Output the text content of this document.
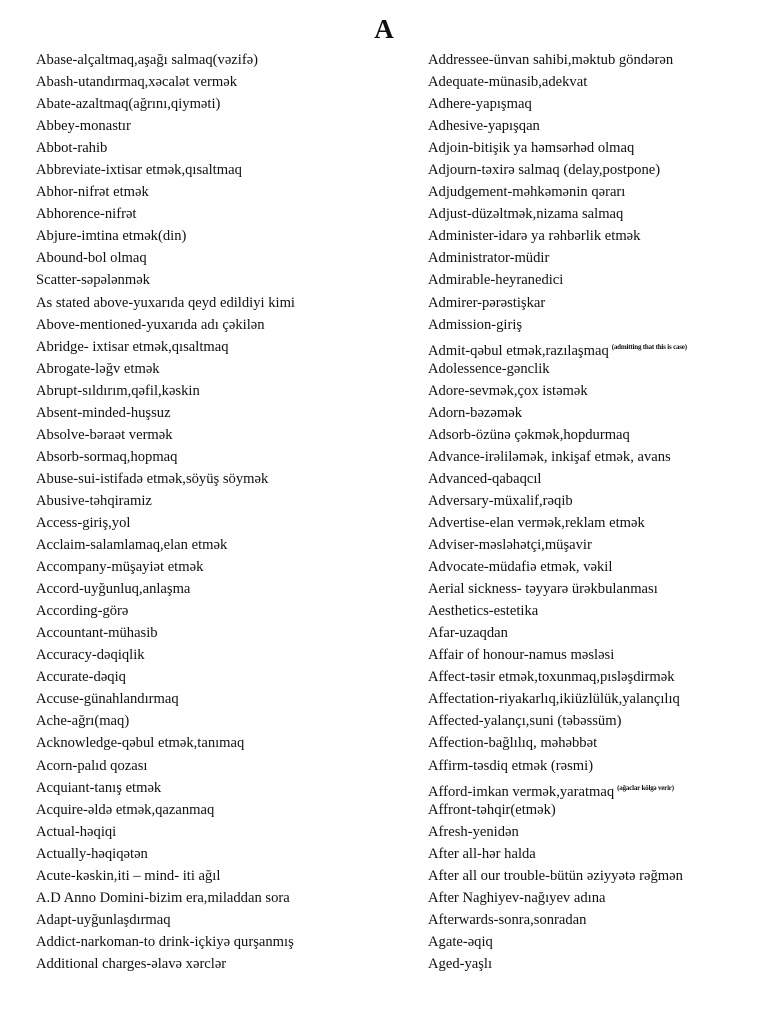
A
Abase-alçaltmaq,aşağı salmaq(vəzifə)
Abash-utandırmaq,xəcalət vermək
Abate-azaltmaq(ağrını,qiyməti)
Abbey-monastır
Abbot-rahib
Abbreviate-ixtisar etmək,qısaltmaq
Abhor-nifrət etmək
Abhorence-nifrət
Abjure-imtina etmək(din)
Abound-bol olmaq
Scatter-səpələnmək
As stated above-yuxarıda qeyd edildiyi kimi
Above-mentioned-yuxarıda adı çəkilən
Abridge- ixtisar etmək,qısaltmaq
Abrogate-ləğv etmək
Abrupt-sıldırım,qəfil,kəskin
Absent-minded-huşsuz
Absolve-bəraət vermək
Absorb-sormaq,hopmaq
Abuse-sui-istifadə etmək,söyüş söymək
Abusive-təhqiramiz
Access-giriş,yol
Acclaim-salamlamaq,elan etmək
Accompany-müşayiət etmək
Accord-uyğunluq,anlaşma
According-görə
Accountant-mühasib
Accuracy-dəqiqlik
Accurate-dəqiq
Accuse-günahlandırmaq
Ache-ağrı(maq)
Acknowledge-qəbul etmək,tanımaq
Acorn-palıd qozası
Acquiant-tanış etmək
Acquire-əldə etmək,qazanmaq
Actual-həqiqi
Actually-həqiqətən
Acute-kəskin,iti – mind- iti ağıl
A.D Anno Domini-bizim era,miladdan sora
Adapt-uyğunlaşdırmaq
Addict-narkoman-to drink-içkiyə qurşanmış
Additional charges-əlavə xərclər
Addressee-ünvan sahibi,məktub göndərən
Adequate-münasib,adekvat
Adhere-yapışmaq
Adhesive-yapışqan
Adjoin-bitişik ya həmsərhəd olmaq
Adjourn-təxirə salmaq (delay,postpone)
Adjudgement-məhkəmənin qərarı
Adjust-düzəltmək,nizama salmaq
Administer-idarə ya rəhbərlik etmək
Administrator-müdir
Admirable-heyranedici
Admirer-pərəstişkar
Admission-giriş
Admit-qəbul etmək,razılaşmaq $^{(admitting that this is case)}$
Adolessence-gənclik
Adore-sevmək,çox istəmək
Adorn-bəzəmək
Adsorb-özünə çəkmək,hopdurmaq
Advance-irəliləmək, inkişaf etmək, avans
Advanced-qabaqcıl
Adversary-müxalif,rəqib
Advertise-elan vermək,reklam etmək
Adviser-məsləhətçi,müşavir
Advocate-müdafiə etmək, vəkil
Aerial sickness- təyyarə ürəkbulanması
Aesthetics-estetika
Afar-uzaqdan
Affair of honour-namus məsləsi
Affect-təsir etmək,toxunmaq,pısləşdirmək
Affectation-riyakarlıq,ikiüzlülük,yalançılıq
Affected-yalançı,suni (təbəssüm)
Affection-bağlılıq, məhəbbət
Affirm-təsdiq etmək (rəsmi)
Afford-imkan vermək,yaratmaq $^{(ağaclar kölgə verir)}$
Affront-təhqir(etmək)
Afresh-yenidən
After all-hər halda
After all our trouble-bütün əziyyətə rəğmən
After Naghiyev-nağıyev adına
Afterwards-sonra,sonradan
Agate-əqiq
Aged-yaşlı
